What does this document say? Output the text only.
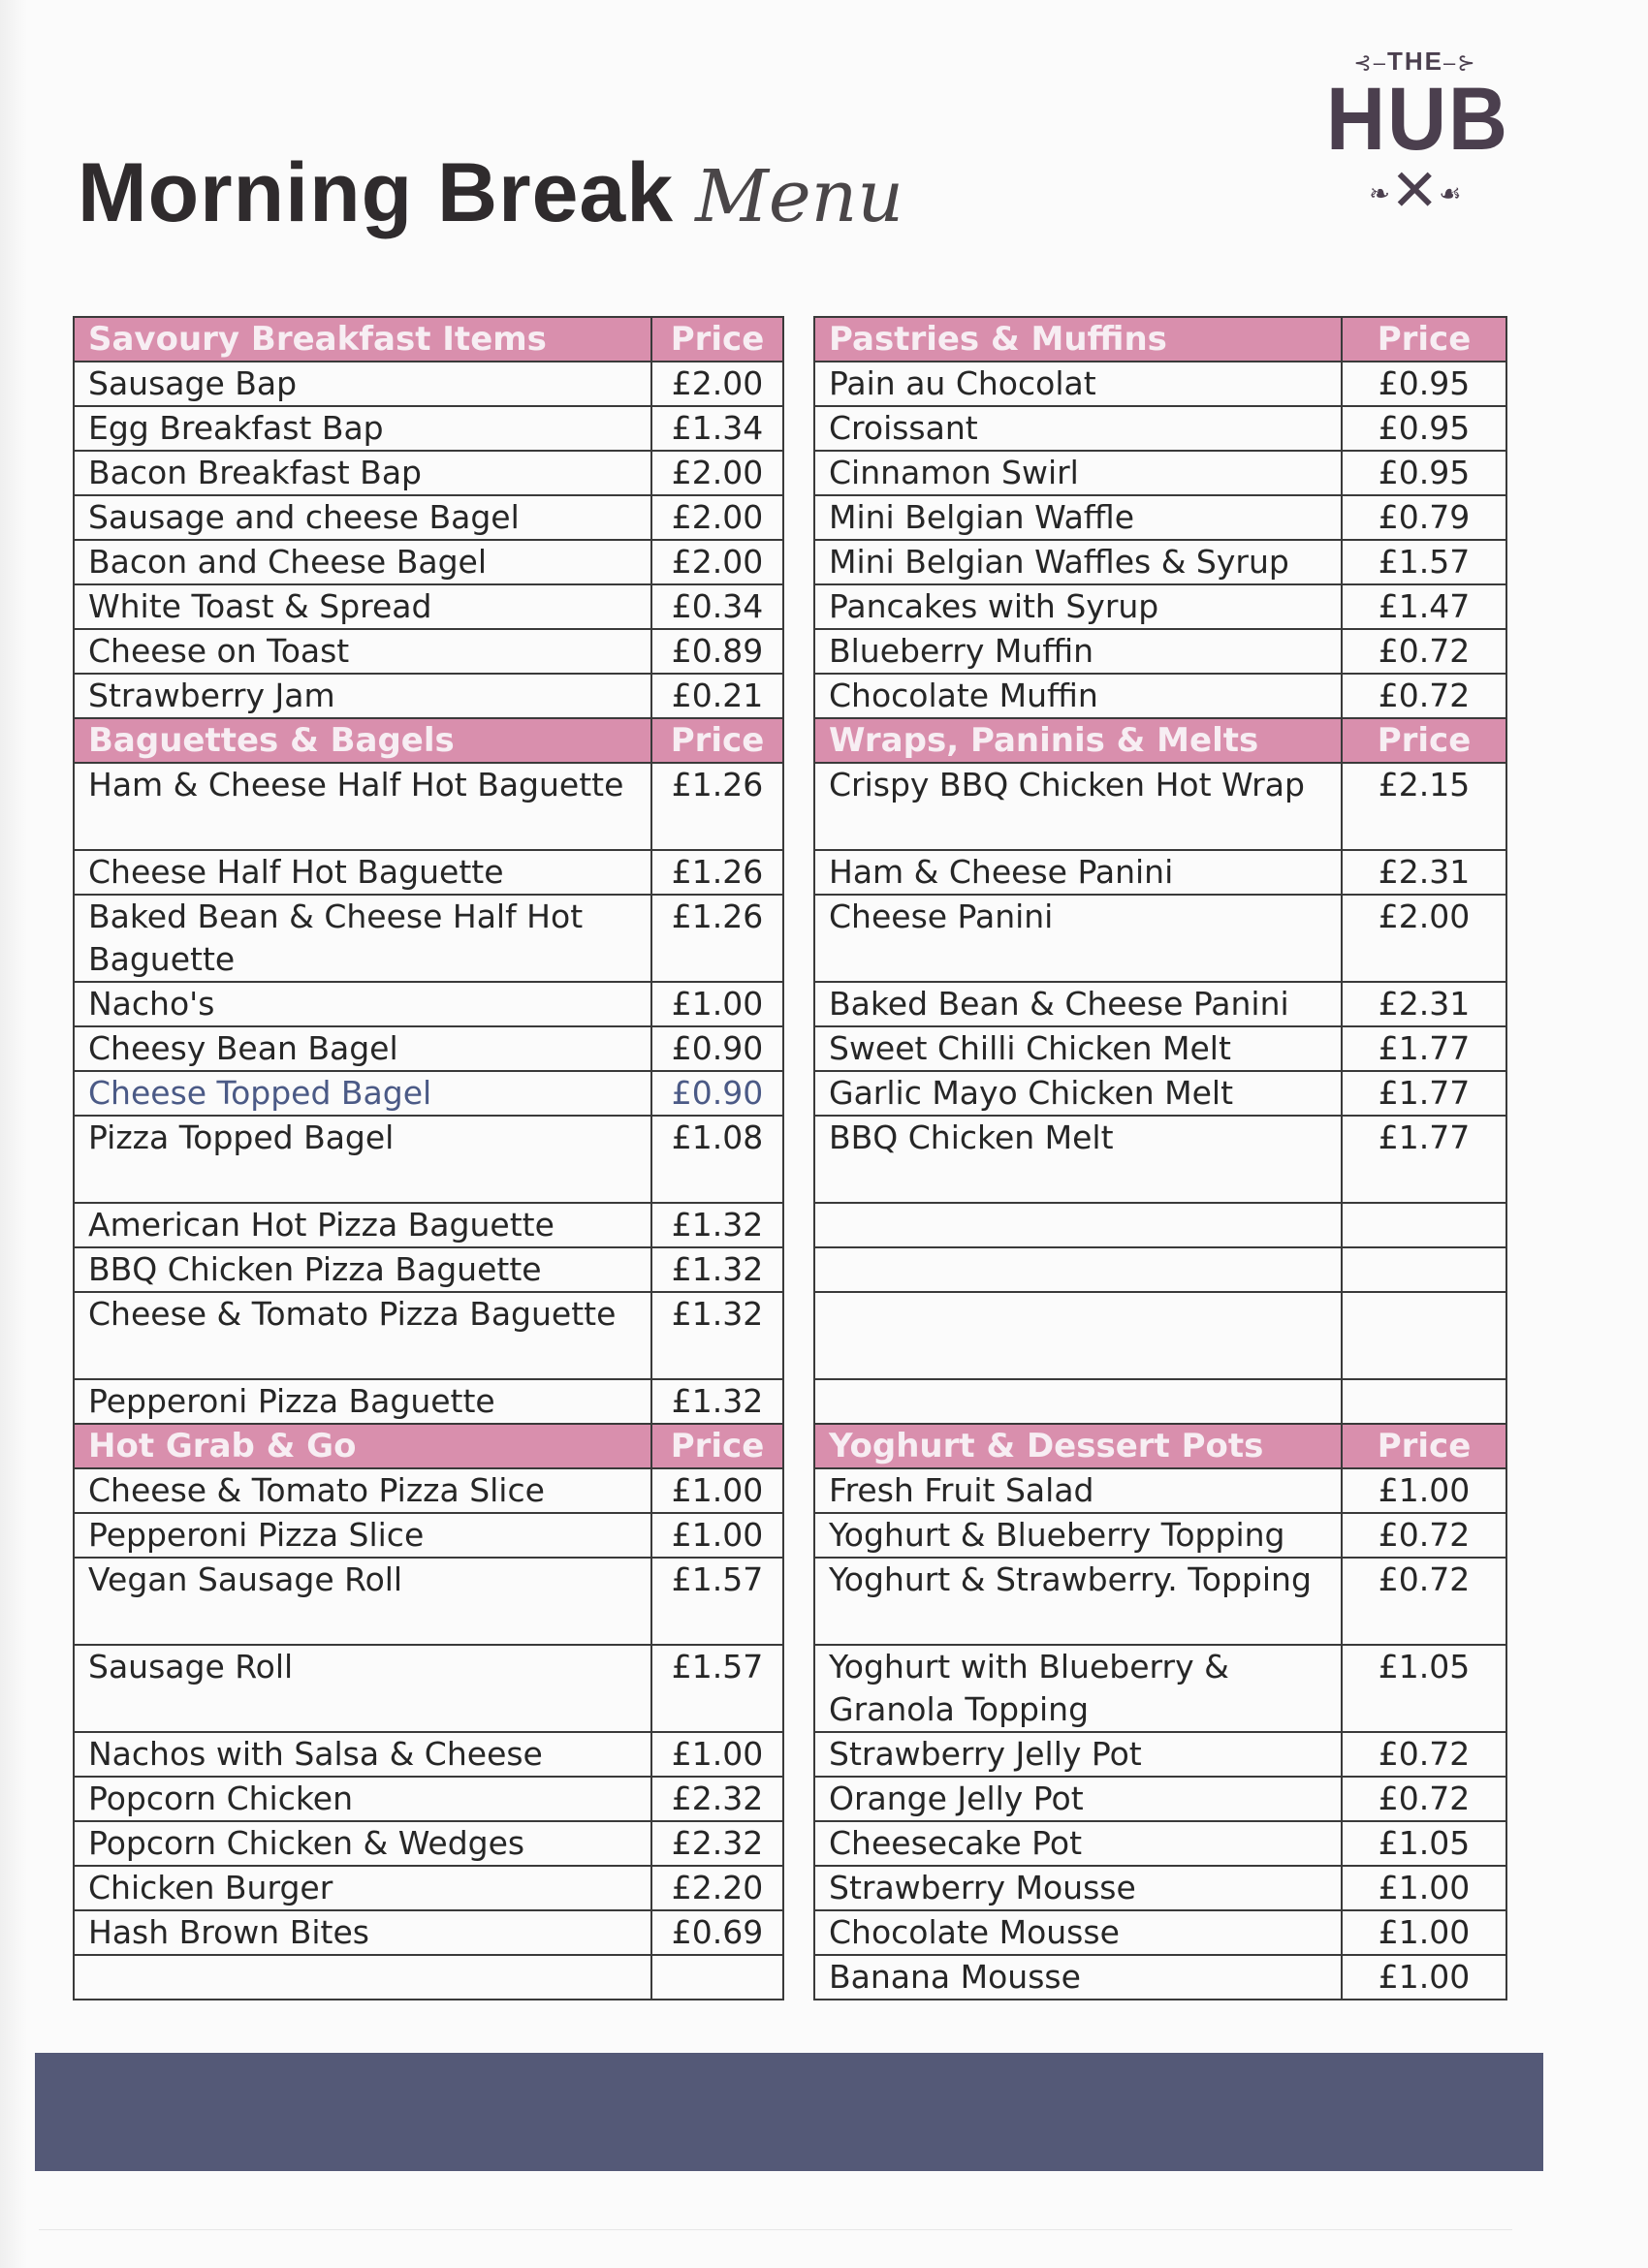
Morning Break Menu
⊰–THE–⊱
HUB
❧✕☙
Savoury Breakfast Items	Price		Pastries & Muffins	Price
Sausage Bap	£2.00		Pain au Chocolat	£0.95
Egg Breakfast Bap	£1.34		Croissant	£0.95
Bacon Breakfast Bap	£2.00		Cinnamon Swirl	£0.95
Sausage and cheese Bagel	£2.00		Mini Belgian Waffle	£0.79
Bacon and Cheese Bagel	£2.00		Mini Belgian Waffles & Syrup	£1.57
White Toast & Spread	£0.34		Pancakes with Syrup	£1.47
Cheese on Toast	£0.89		Blueberry Muffin	£0.72
Strawberry Jam	£0.21		Chocolate Muffin	£0.72
Baguettes & Bagels	Price		Wraps, Paninis & Melts	Price
Ham & Cheese Half Hot Baguette	£1.26		Crispy BBQ Chicken Hot Wrap	£2.15
Cheese Half Hot Baguette	£1.26		Ham & Cheese Panini	£2.31
Baked Bean & Cheese Half Hot Baguette	£1.26		Cheese Panini	£2.00
Nacho's	£1.00		Baked Bean & Cheese Panini	£2.31
Cheesy Bean Bagel	£0.90		Sweet Chilli Chicken Melt	£1.77
Cheese Topped Bagel	£0.90		Garlic Mayo Chicken Melt	£1.77
Pizza Topped Bagel	£1.08		BBQ Chicken Melt	£1.77
American Hot Pizza Baguette	£1.32			
BBQ Chicken Pizza Baguette	£1.32			
Cheese & Tomato Pizza Baguette	£1.32			
Pepperoni Pizza Baguette	£1.32			
Hot Grab & Go	Price		Yoghurt & Dessert Pots	Price
Cheese & Tomato Pizza Slice	£1.00		Fresh Fruit Salad	£1.00
Pepperoni Pizza Slice	£1.00		Yoghurt & Blueberry Topping	£0.72
Vegan Sausage Roll	£1.57		Yoghurt & Strawberry. Topping	£0.72
Sausage Roll	£1.57		Yoghurt with Blueberry & Granola Topping	£1.05
Nachos with Salsa & Cheese	£1.00		Strawberry Jelly Pot	£0.72
Popcorn Chicken	£2.32		Orange Jelly Pot	£0.72
Popcorn Chicken & Wedges	£2.32		Cheesecake Pot	£1.05
Chicken Burger	£2.20		Strawberry Mousse	£1.00
Hash Brown Bites	£0.69		Chocolate Mousse	£1.00
			Banana Mousse	£1.00
